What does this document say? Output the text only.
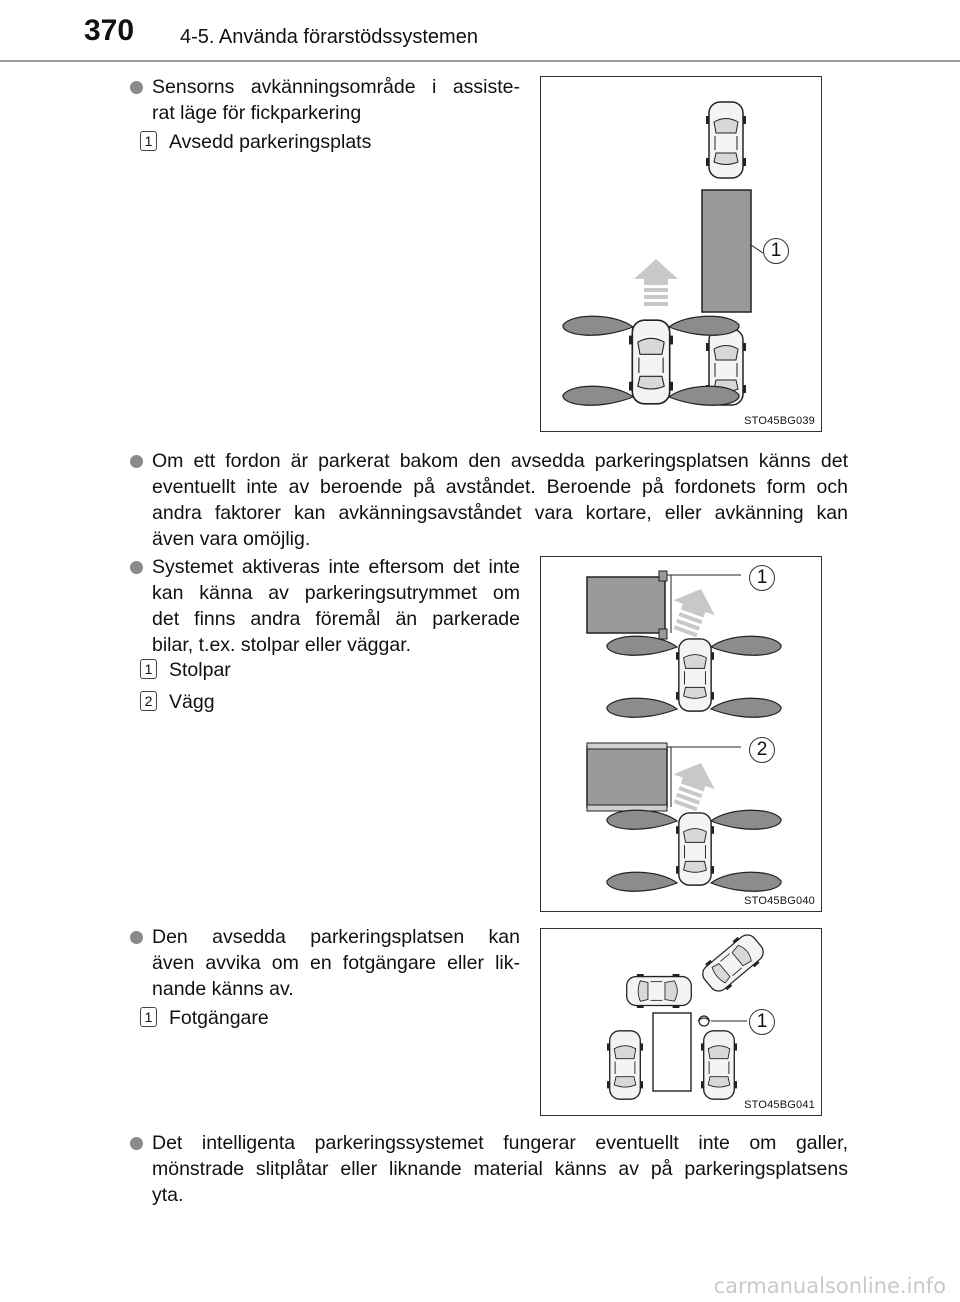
370 4-5. Använda förarstödssystemen
Sensorns avkänningsområde i assiste-
rat läge för fickparkering
1 Avsedd parkeringsplats
1
STO45BG039
Om ett fordon är parkerat bakom den avsedda parkeringsplatsen känns det
eventuellt inte av beroende på avståndet. Beroende på fordonets form och
andra faktorer kan avkänningsavståndet vara kortare, eller avkänning kan
även vara omöjlig.
Systemet aktiveras inte eftersom det inte
kan känna av parkeringsutrymmet om
det finns andra föremål än parkerade
bilar, t.ex. stolpar eller väggar.
1 Stolpar
2 Vägg
1
2
STO45BG040
Den avsedda parkeringsplatsen kan
även avvika om en fotgängare eller lik-
nande känns av.
1 Fotgängare	1
STO45BG041
Det intelligenta parkeringssystemet fungerar eventuellt inte om galler,
mönstrade slitplåtar eller liknande material känns av på parkeringsplatsens
yta.
carmanualsonline.info
